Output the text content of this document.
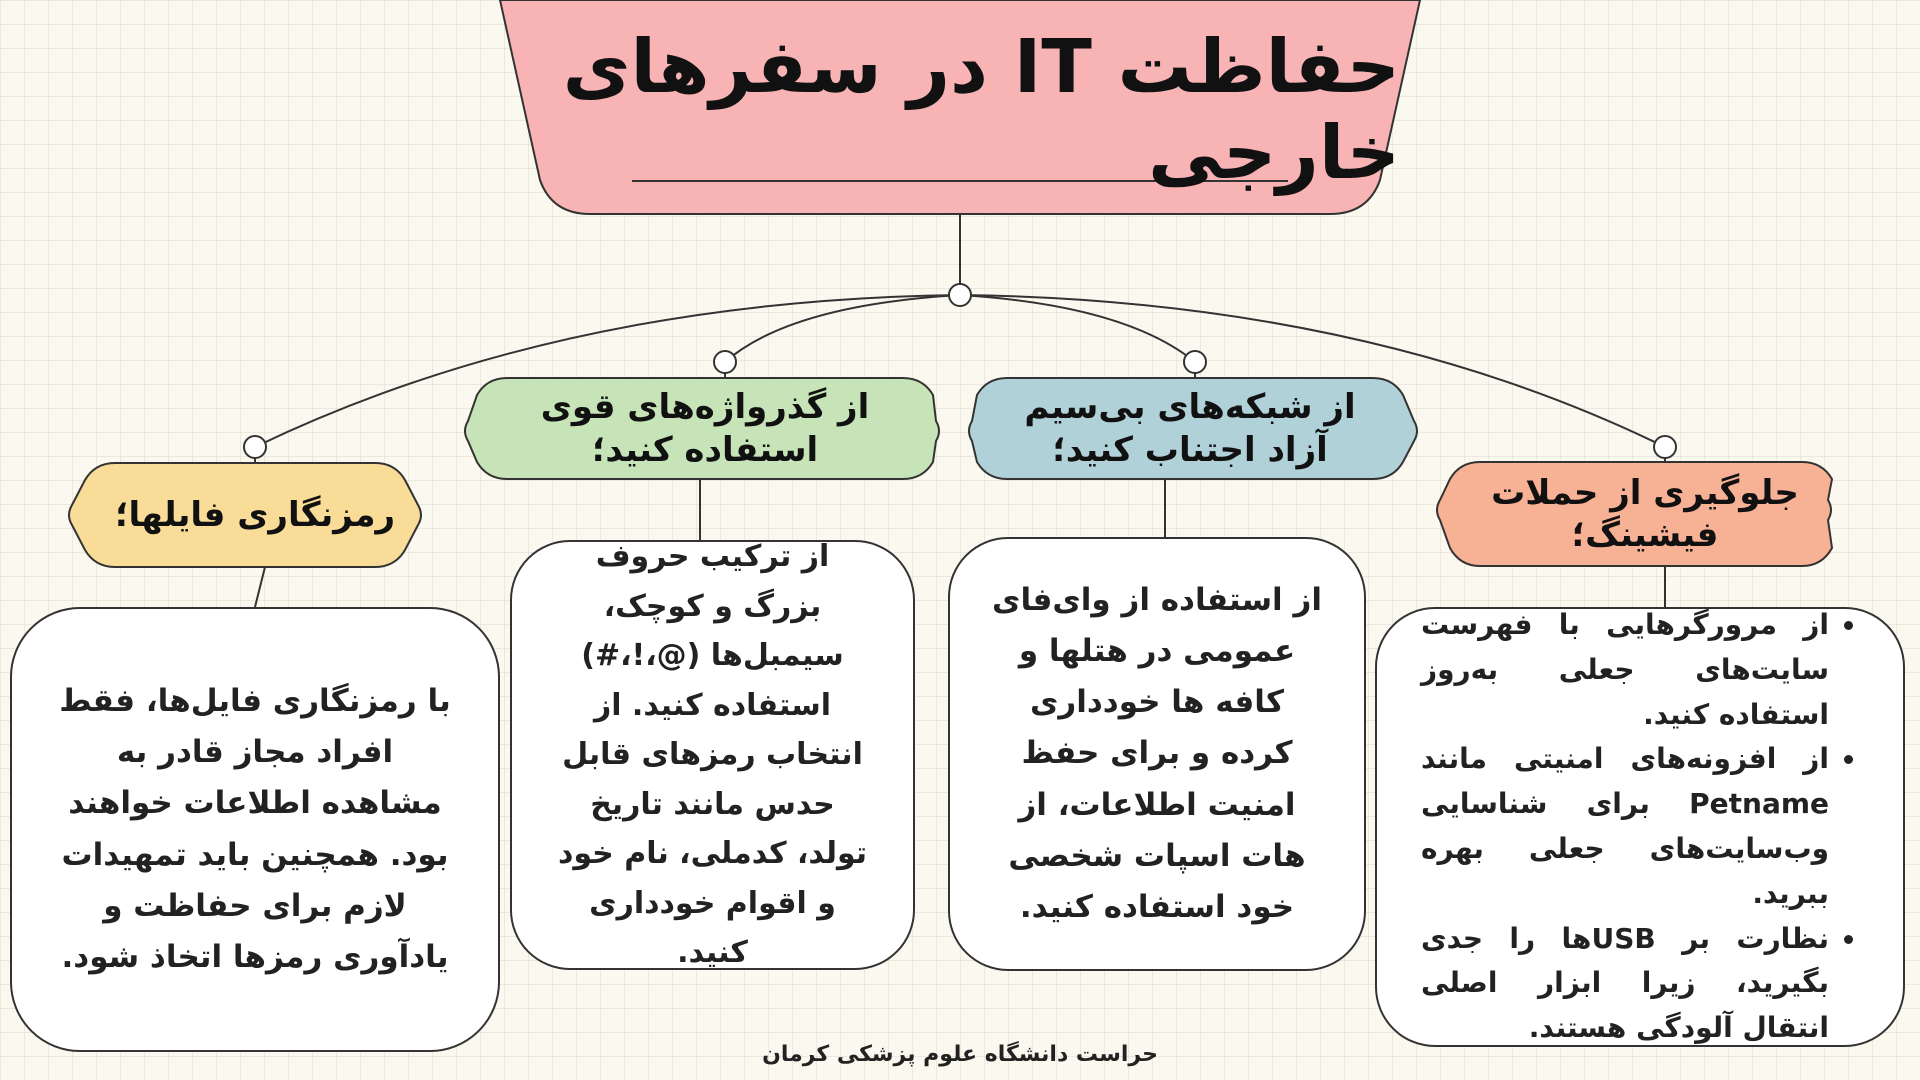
حفاظت IT در سفرهای خارجی
رمزنگاری فایلها؛
از گذرواژه‌های قوی استفاده کنید؛
از شبکه‌های بی‌سیم آزاد اجتناب کنید؛
جلوگیری از حملات فیشینگ؛

با رمزنگاری فایل‌ها، فقط افراد مجاز قادر به مشاهده اطلاعات خواهند بود. همچنین باید تمهیدات لازم برای حفاظت و یادآوری رمزها اتخاذ شود.

از ترکیب حروف بزرگ و کوچک، سیمبل‌ها (@،!،#) استفاده کنید. از انتخاب رمزهای قابل حدس مانند تاریخ تولد، کدملی، نام خود و اقوام خودداری کنید.

از استفاده از وای‌فای عمومی در هتلها و کافه ها خودداری کرده و برای حفظ امنیت اطلاعات، از هات اسپات شخصی خود استفاده کنید.

• از مرورگرهایی با فهرست سایت‌های جعلی به‌روز استفاده کنید.
• از افزونه‌های امنیتی مانند Petname برای شناسایی وب‌سایت‌های جعلی بهره ببرید.
• نظارت بر USBها را جدی بگیرید، زیرا ابزار اصلی انتقال آلودگی هستند.
حراست دانشگاه علوم پزشکی کرمان
